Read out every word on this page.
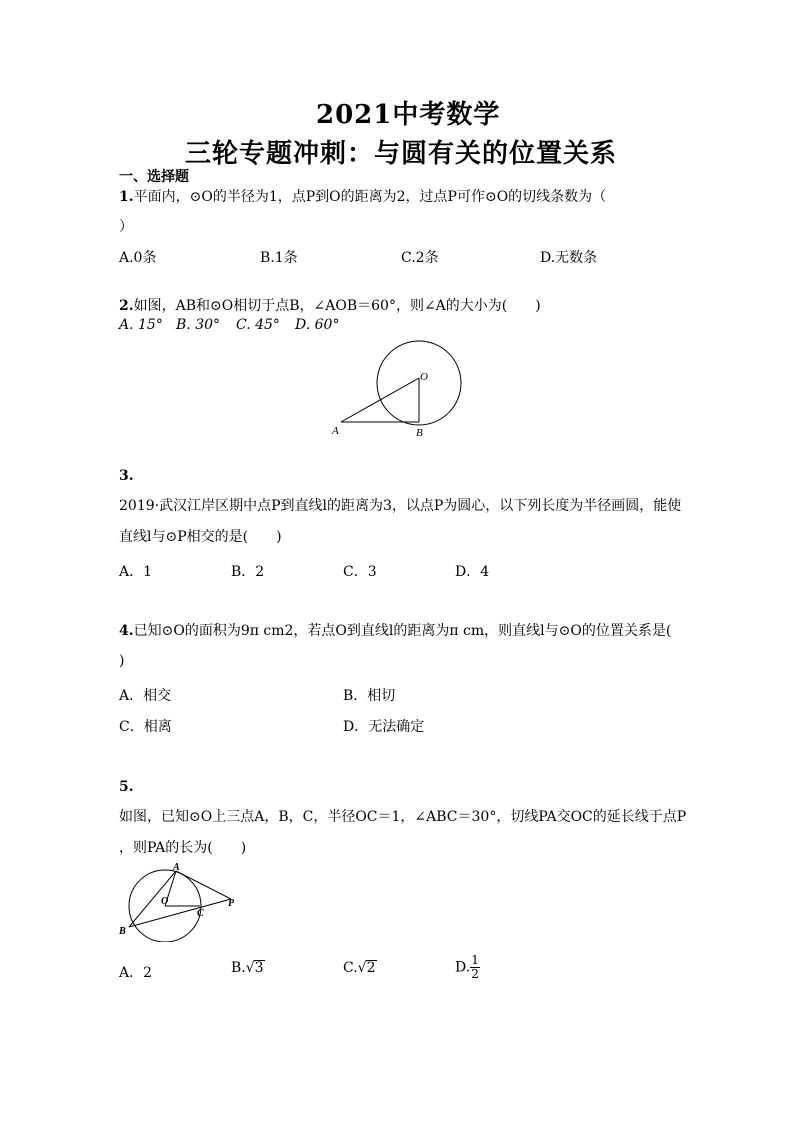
2021中考数学
三轮专题冲刺：与圆有关的位置关系
一、选择题
1.平面内，⊙O的半径为1，点P到O的距离为2，过点P可作⊙O的切线条数为（
）
A.0条	B.1条	C.2条	D.无数条
2.如图，AB和⊙O相切于点B，∠AOB＝60°，则∠A的大小为(　　)
A. 15° B. 30° C. 45° D. 60°
O
A	B
3.
2019·武汉江岸区期中点P到直线l的距离为3，以点P为圆心，以下列长度为半径画圆，能使
直线l与⊙P相交的是(　　)
A．1	B．2	C．3	D．4
4.已知⊙O的面积为9π cm2，若点O到直线l的距离为π cm，则直线l与⊙O的位置关系是(
)
A．相交	B．相切
C．相离	D．无法确定
5.
如图，已知⊙O上三点A，B，C，半径OC＝1，∠ABC＝30°，切线PA交OC的延长线于点P
，则PA的长为(　　)
A
O
C
P
B
A．2	B.√3	C.√2	D. $\frac{1}{2}$
